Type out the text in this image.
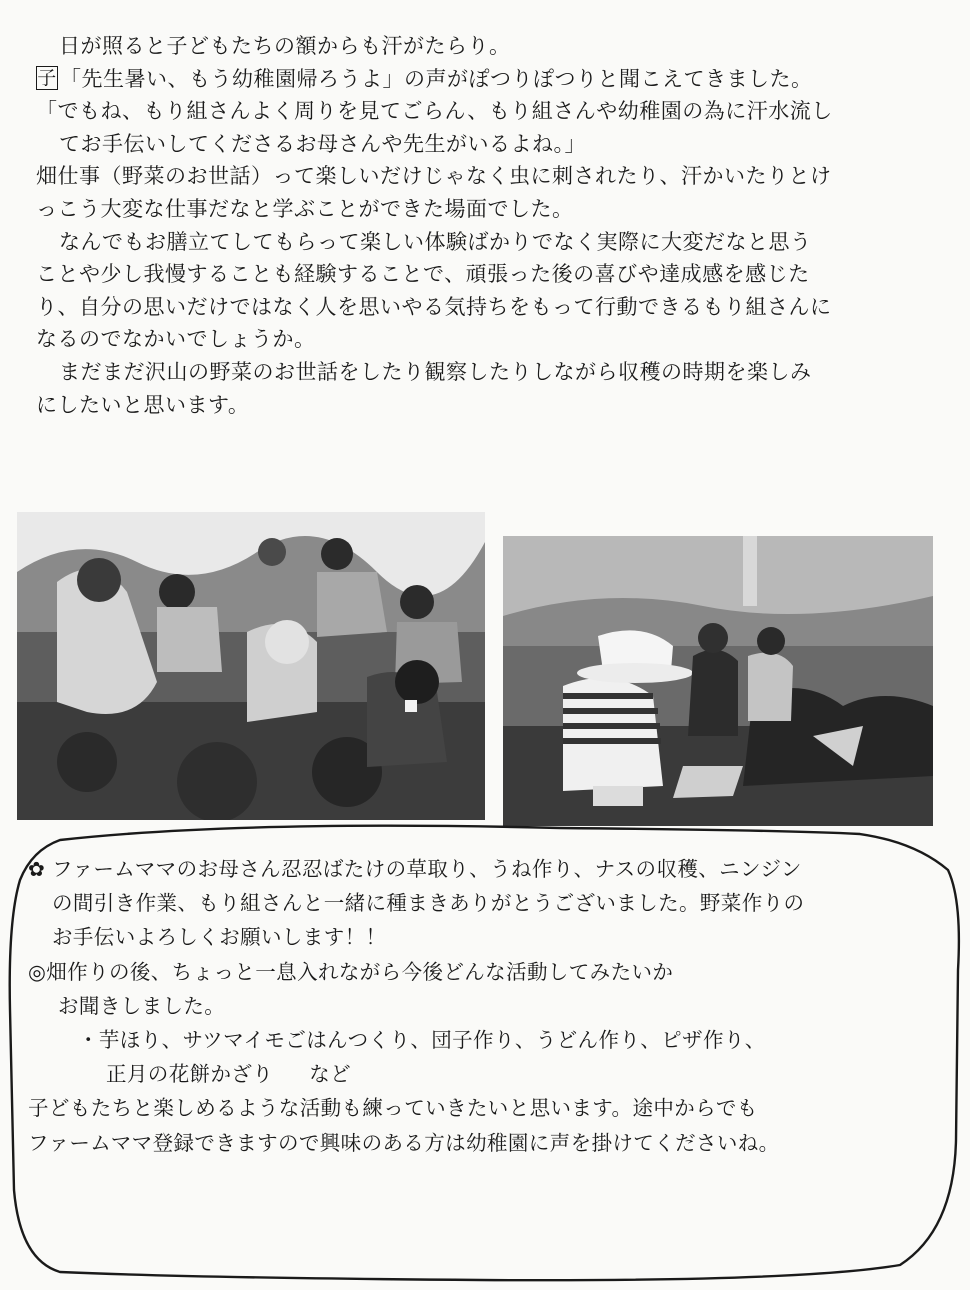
日が照ると子どもたちの額からも汗がたらり。
子 「先生暑い、もう幼稚園帰ろうよ」の声がぽつりぽつりと聞こえてきました。
「でもね、もり組さんよく周りを見てごらん、もり組さんや幼稚園の為に汗水流し
てお手伝いしてくださるお母さんや先生がいるよね。」
畑仕事（野菜のお世話）って楽しいだけじゃなく虫に刺されたり、汗かいたりとけ
っこう大変な仕事だなと学ぶことができた場面でした。
なんでもお膳立てしてもらって楽しい体験ばかりでなく実際に大変だなと思う
ことや少し我慢することも経験することで、頑張った後の喜びや達成感を感じた
り、自分の思いだけではなく人を思いやる気持ちをもって行動できるもり組さんに
なるのでなかいでしょうか。
まだまだ沢山の野菜のお世話をしたり観察したりしながら収穫の時期を楽しみ
にしたいと思います。
✿ ファームママのお母さん忍忍ばたけの草取り、うね作り、ナスの収穫、ニンジン
の間引き作業、もり組さんと一緒に種まきありがとうございました。野菜作りの
お手伝いよろしくお願いします！！
◎畑作りの後、ちょっと一息入れながら今後どんな活動してみたいか
お聞きしました。
・芋ほり、サツマイモごはんつくり、団子作り、うどん作り、ピザ作り、
正月の花餅かざり など
子どもたちと楽しめるような活動も練っていきたいと思います。途中からでも
ファームママ登録できますので興味のある方は幼稚園に声を掛けてくださいね。
